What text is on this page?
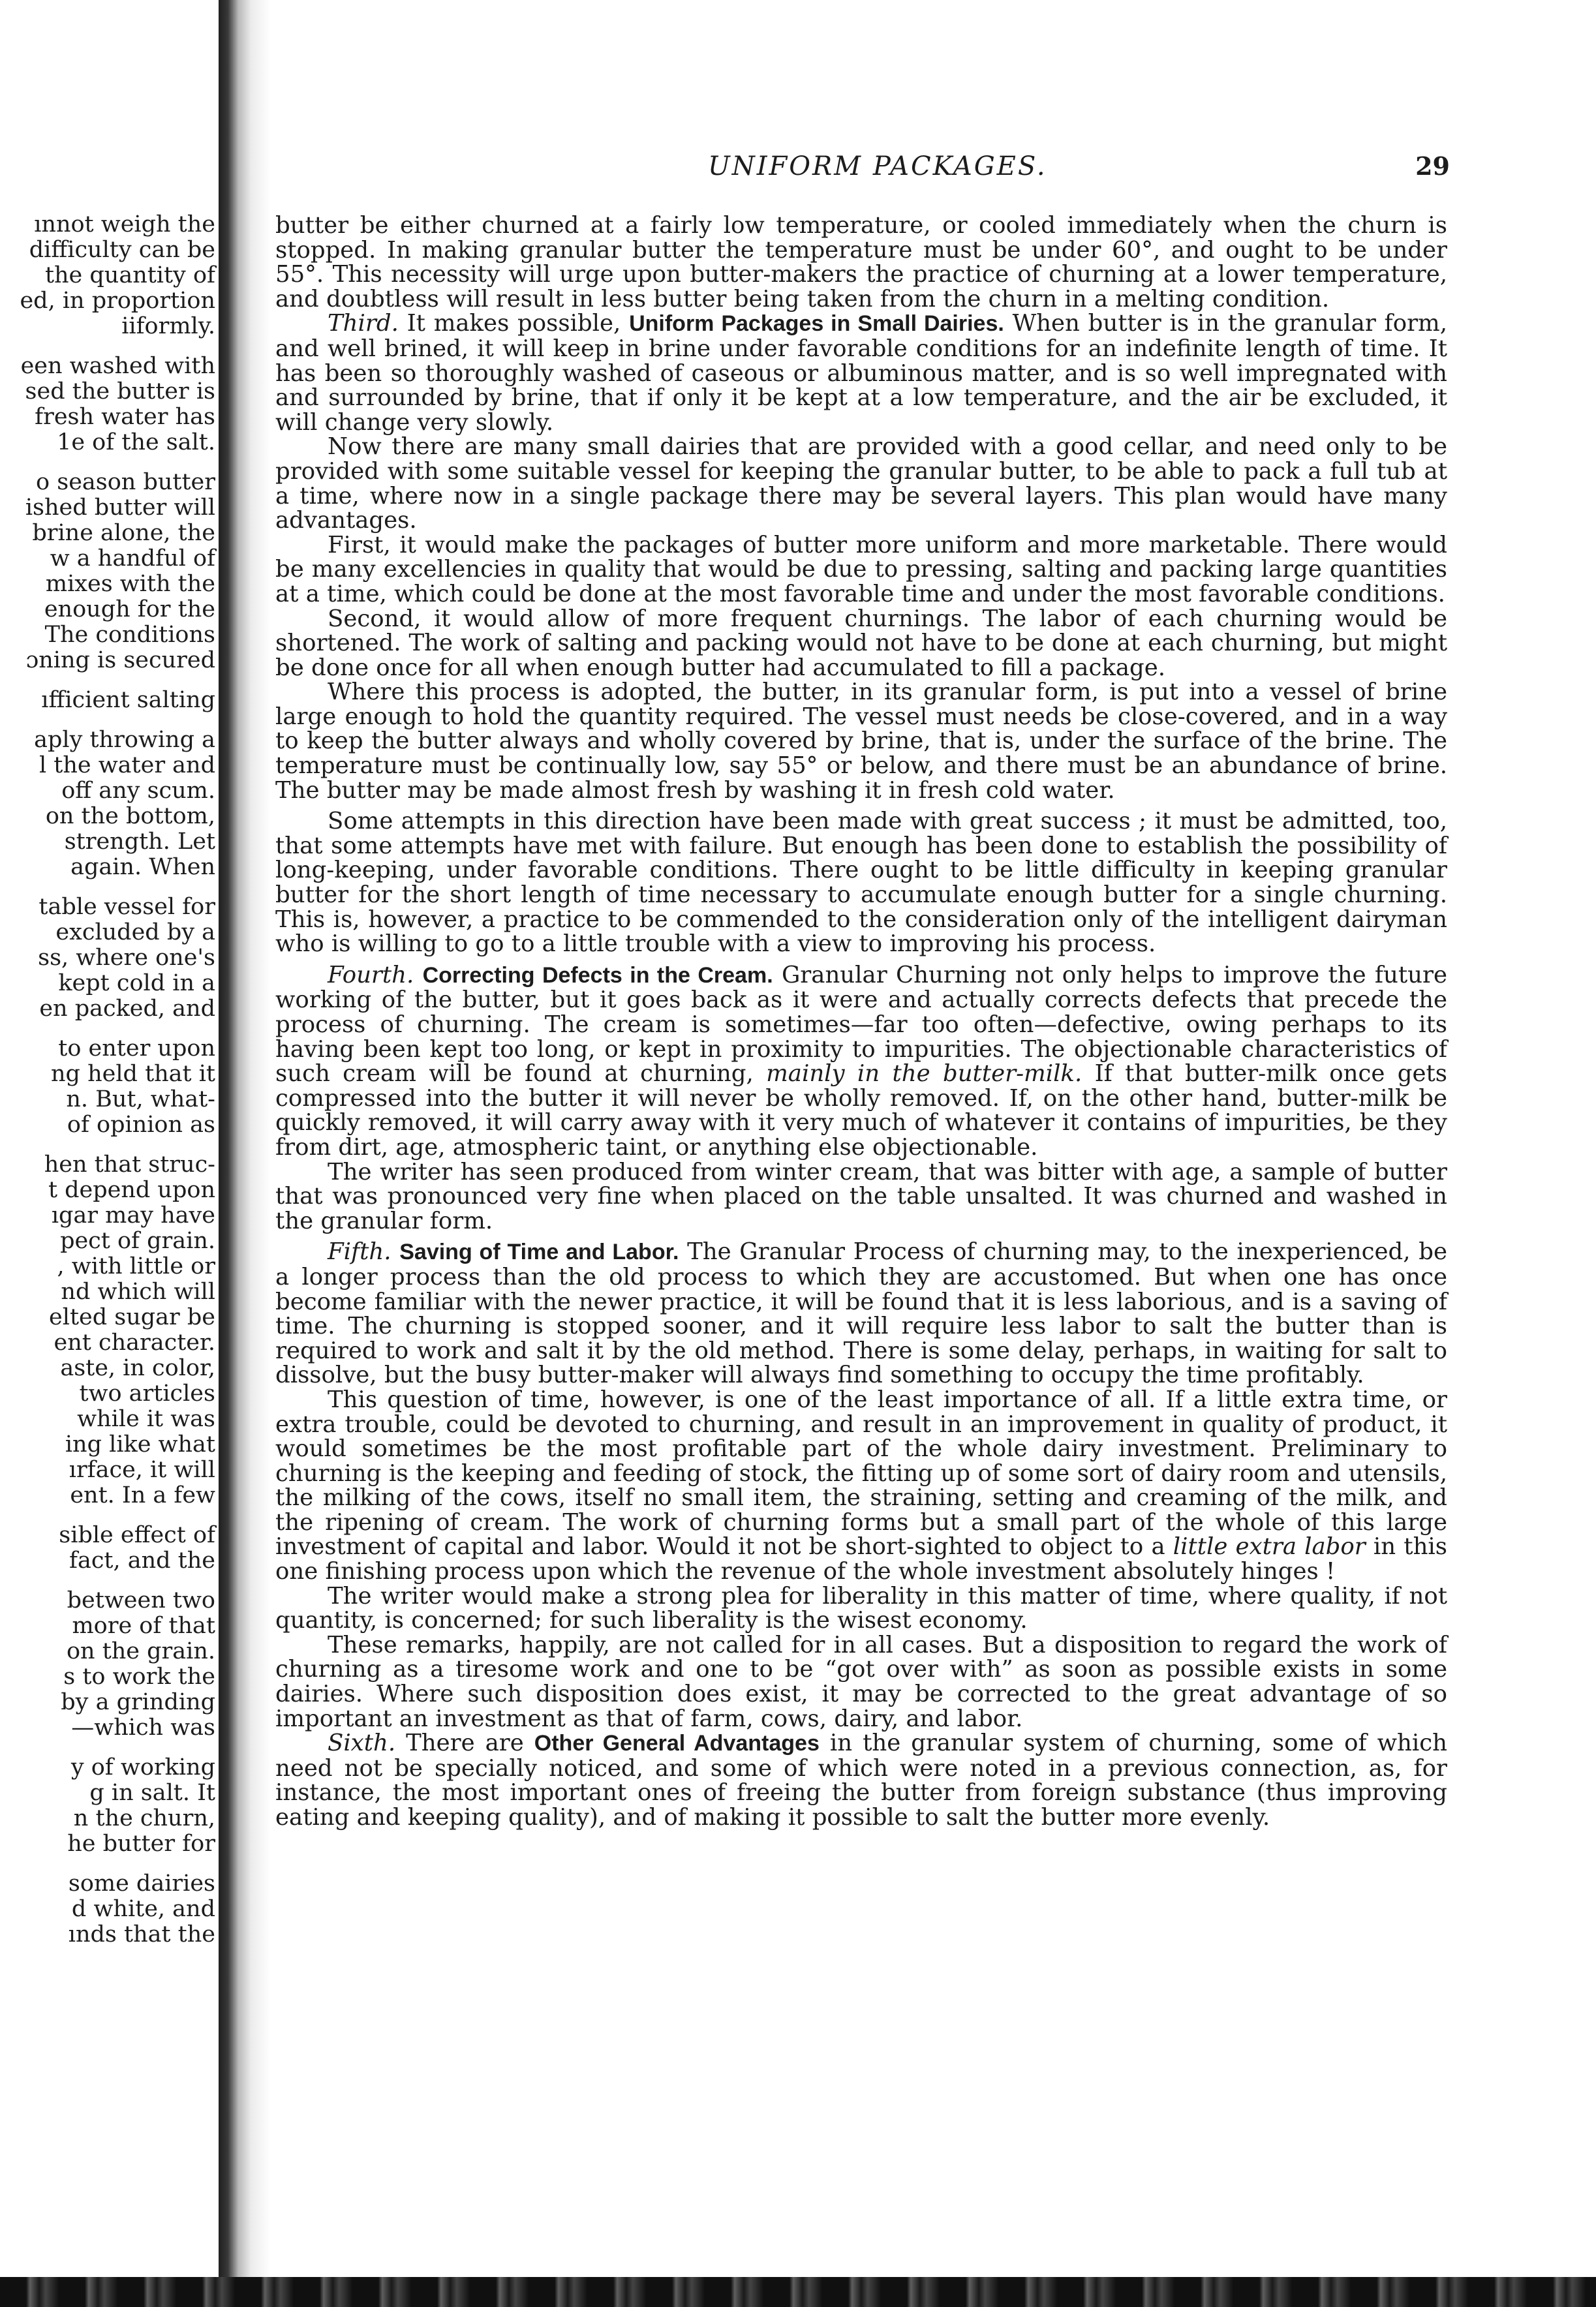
ınnot weigh the
difficulty can be
the quantity of
ed, in proportion
iiformly.

een washed with
sed the butter is
fresh water has
1e of the salt.

o season butter
ished butter will
brine alone, the
w a handful of
mixes with the
enough for the
The conditions
ɔning is secured

ıfficient salting

aply throwing a
l the water and
off any scum.
on the bottom,
strength. Let
again. When

table vessel for
excluded by a
ss, where one's
kept cold in a
en packed, and

to enter upon
ng held that it
n. But, what-
of opinion as

hen that struc-
t depend upon
ıgar may have
pect of grain.
, with little or
nd which will
elted sugar be
ent character.
aste, in color,
two articles
while it was
ing like what
ırface, it will
ent. In a few

sible effect of
fact, and the

between two
more of that
on the grain.
s to work the
by a grinding
—which was

y of working
g in salt. It
n the churn,
he butter for

some dairies
d white, and
ınds that the

UNIFORM PACKAGES.	29

butter be either churned at a fairly low temperature, or cooled immediately when the churn is stopped. In making granular butter the temperature must be under 60°, and ought to be under 55°. This necessity will urge upon butter-makers the practice of churning at a lower temperature, and doubtless will result in less butter being taken from the churn in a melting condition.

Third. It makes possible, Uniform Packages in Small Dairies. When butter is in the granular form, and well brined, it will keep in brine under favorable conditions for an indefinite length of time. It has been so thoroughly washed of caseous or albuminous matter, and is so well impregnated with and surrounded by brine, that if only it be kept at a low temperature, and the air be excluded, it will change very slowly.

Now there are many small dairies that are provided with a good cellar, and need only to be provided with some suitable vessel for keeping the granular butter, to be able to pack a full tub at a time, where now in a single package there may be several layers. This plan would have many advantages.

First, it would make the packages of butter more uniform and more marketable. There would be many excellencies in quality that would be due to pressing, salting and packing large quantities at a time, which could be done at the most favorable time and under the most favorable conditions.

Second, it would allow of more frequent churnings. The labor of each churning would be shortened. The work of salting and packing would not have to be done at each churning, but might be done once for all when enough butter had accumulated to fill a package.

Where this process is adopted, the butter, in its granular form, is put into a vessel of brine large enough to hold the quantity required. The vessel must needs be close-covered, and in a way to keep the butter always and wholly covered by brine, that is, under the surface of the brine. The temperature must be continually low, say 55° or below, and there must be an abundance of brine. The butter may be made almost fresh by washing it in fresh cold water.

Some attempts in this direction have been made with great success ; it must be admitted, too, that some attempts have met with failure. But enough has been done to establish the possibility of long-keeping, under favorable conditions. There ought to be little difficulty in keeping granular butter for the short length of time necessary to accumulate enough butter for a single churning. This is, however, a practice to be commended to the consideration only of the intelligent dairyman who is willing to go to a little trouble with a view to improving his process.

Fourth. Correcting Defects in the Cream. Granular Churning not only helps to improve the future working of the butter, but it goes back as it were and actually corrects defects that precede the process of churning. The cream is sometimes—far too often—defective, owing perhaps to its having been kept too long, or kept in proximity to impurities. The objectionable characteristics of such cream will be found at churning, mainly in the butter-milk. If that butter-milk once gets compressed into the butter it will never be wholly removed. If, on the other hand, butter-milk be quickly removed, it will carry away with it very much of whatever it contains of impurities, be they from dirt, age, atmospheric taint, or anything else objectionable.

The writer has seen produced from winter cream, that was bitter with age, a sample of butter that was pronounced very fine when placed on the table unsalted. It was churned and washed in the granular form.

Fifth. Saving of Time and Labor. The Granular Process of churning may, to the inexperienced, be a longer process than the old process to which they are accustomed. But when one has once become familiar with the newer practice, it will be found that it is less laborious, and is a saving of time. The churning is stopped sooner, and it will require less labor to salt the butter than is required to work and salt it by the old method. There is some delay, perhaps, in waiting for salt to dissolve, but the busy butter-maker will always find something to occupy the time profitably.

This question of time, however, is one of the least importance of all. If a little extra time, or extra trouble, could be devoted to churning, and result in an improvement in quality of product, it would sometimes be the most profitable part of the whole dairy investment. Preliminary to churning is the keeping and feeding of stock, the fitting up of some sort of dairy room and utensils, the milking of the cows, itself no small item, the straining, setting and creaming of the milk, and the ripening of cream. The work of churning forms but a small part of the whole of this large investment of capital and labor. Would it not be short-sighted to object to a little extra labor in this one finishing process upon which the revenue of the whole investment absolutely hinges !

The writer would make a strong plea for liberality in this matter of time, where quality, if not quantity, is concerned; for such liberality is the wisest economy.

These remarks, happily, are not called for in all cases. But a disposition to regard the work of churning as a tiresome work and one to be “got over with” as soon as possible exists in some dairies. Where such disposition does exist, it may be corrected to the great advantage of so important an investment as that of farm, cows, dairy, and labor.

Sixth. There are Other General Advantages in the granular system of churning, some of which need not be specially noticed, and some of which were noted in a previous connection, as, for instance, the most important ones of freeing the butter from foreign substance (thus improving eating and keeping quality), and of making it possible to salt the butter more evenly.
